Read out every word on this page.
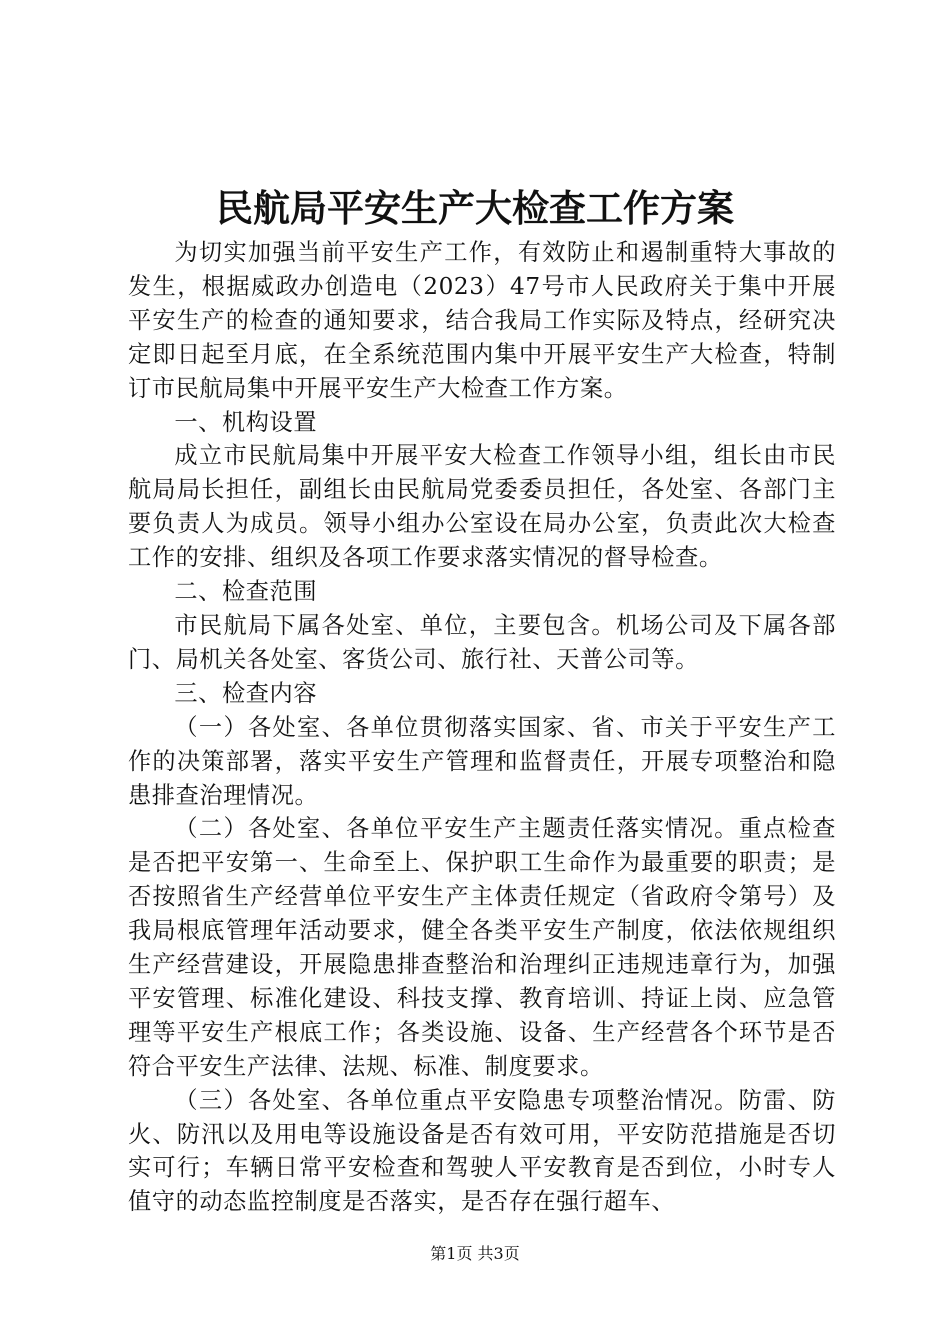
民航局平安生产大检查工作方案

为切实加强当前平安生产工作，有效防止和遏制重特大事故的发生，根据威政办创造电（2023）47号市人民政府关于集中开展平安生产的检查的通知要求，结合我局工作实际及特点，经研究决定即日起至月底，在全系统范围内集中开展平安生产大检查，特制订市民航局集中开展平安生产大检查工作方案。

一、机构设置

成立市民航局集中开展平安大检查工作领导小组，组长由市民航局局长担任，副组长由民航局党委委员担任，各处室、各部门主要负责人为成员。领导小组办公室设在局办公室，负责此次大检查工作的安排、组织及各项工作要求落实情况的督导检查。

二、检查范围

市民航局下属各处室、单位，主要包含。机场公司及下属各部门、局机关各处室、客货公司、旅行社、天普公司等。

三、检查内容

（一）各处室、各单位贯彻落实国家、省、市关于平安生产工作的决策部署，落实平安生产管理和监督责任，开展专项整治和隐患排查治理情况。

（二）各处室、各单位平安生产主题责任落实情况。重点检查是否把平安第一、生命至上、保护职工生命作为最重要的职责；是否按照省生产经营单位平安生产主体责任规定（省政府令第号）及我局根底管理年活动要求，健全各类平安生产制度，依法依规组织生产经营建设，开展隐患排查整治和治理纠正违规违章行为，加强平安管理、标准化建设、科技支撑、教育培训、持证上岗、应急管理等平安生产根底工作；各类设施、设备、生产经营各个环节是否符合平安生产法律、法规、标准、制度要求。

（三）各处室、各单位重点平安隐患专项整治情况。防雷、防火、防汛以及用电等设施设备是否有效可用，平安防范措施是否切实可行；车辆日常平安检查和驾驶人平安教育是否到位，小时专人值守的动态监控制度是否落实，是否存在强行超车、

第1页 共3页
